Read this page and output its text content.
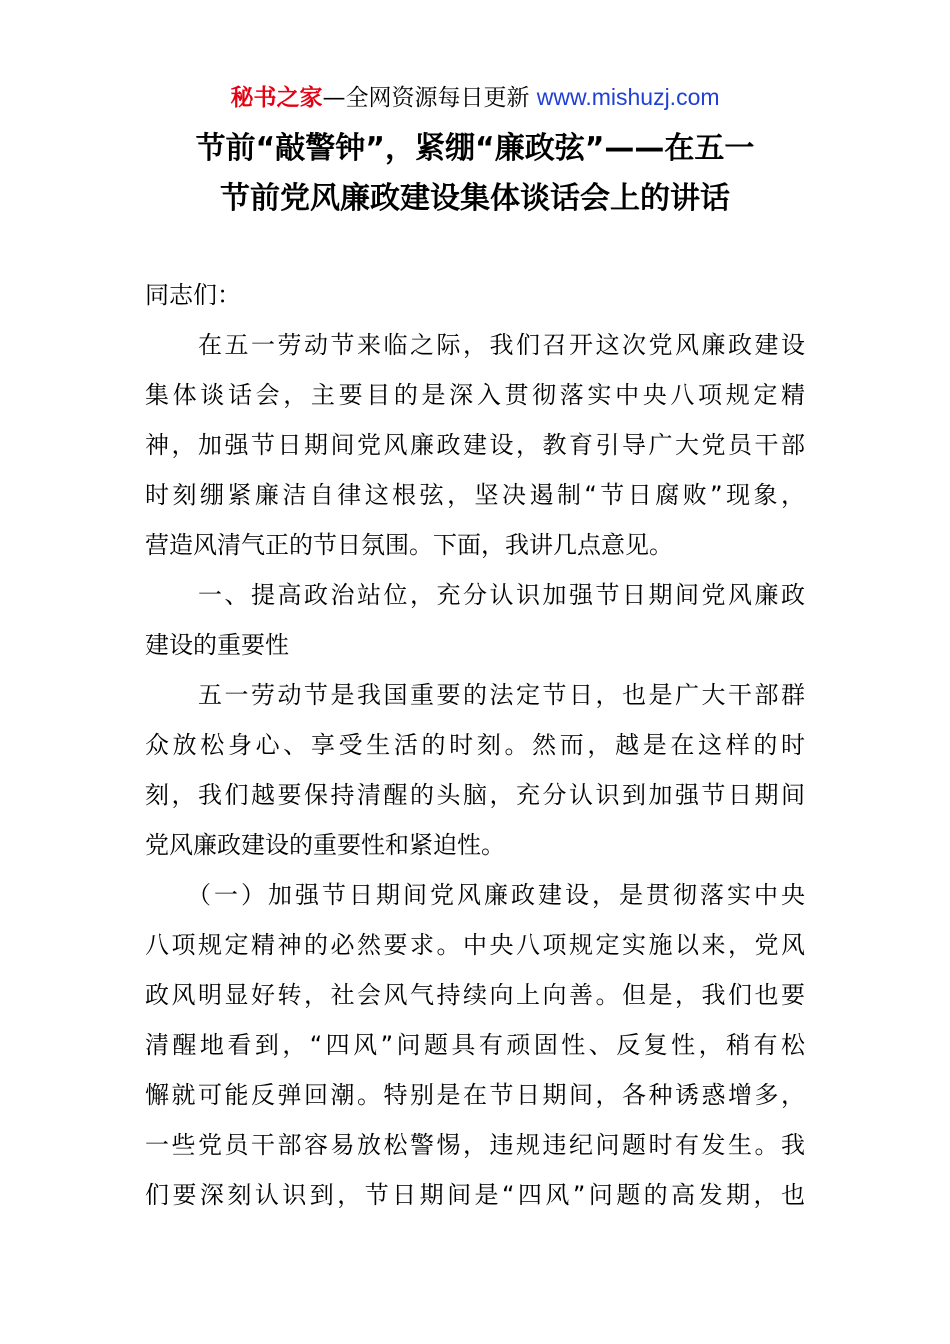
秘书之家—全网资源每日更新 www.mishuzj.com
节前“敲警钟”，紧绷“廉政弦”——在五一
节前党风廉政建设集体谈话会上的讲话
同志们：
　　在五一劳动节来临之际，我们召开这次党风廉政建设
集体谈话会，主要目的是深入贯彻落实中央八项规定精
神，加强节日期间党风廉政建设，教育引导广大党员干部
时刻绷紧廉洁自律这根弦，坚决遏制“节日腐败”现象，
营造风清气正的节日氛围。下面，我讲几点意见。
　　一、提高政治站位，充分认识加强节日期间党风廉政
建设的重要性
　　五一劳动节是我国重要的法定节日，也是广大干部群
众放松身心、享受生活的时刻。然而，越是在这样的时
刻，我们越要保持清醒的头脑，充分认识到加强节日期间
党风廉政建设的重要性和紧迫性。
　　（一）加强节日期间党风廉政建设，是贯彻落实中央
八项规定精神的必然要求。中央八项规定实施以来，党风
政风明显好转，社会风气持续向上向善。但是，我们也要
清醒地看到，“四风”问题具有顽固性、反复性，稍有松
懈就可能反弹回潮。特别是在节日期间，各种诱惑增多，
一些党员干部容易放松警惕，违规违纪问题时有发生。我
们要深刻认识到，节日期间是“四风”问题的高发期，也
